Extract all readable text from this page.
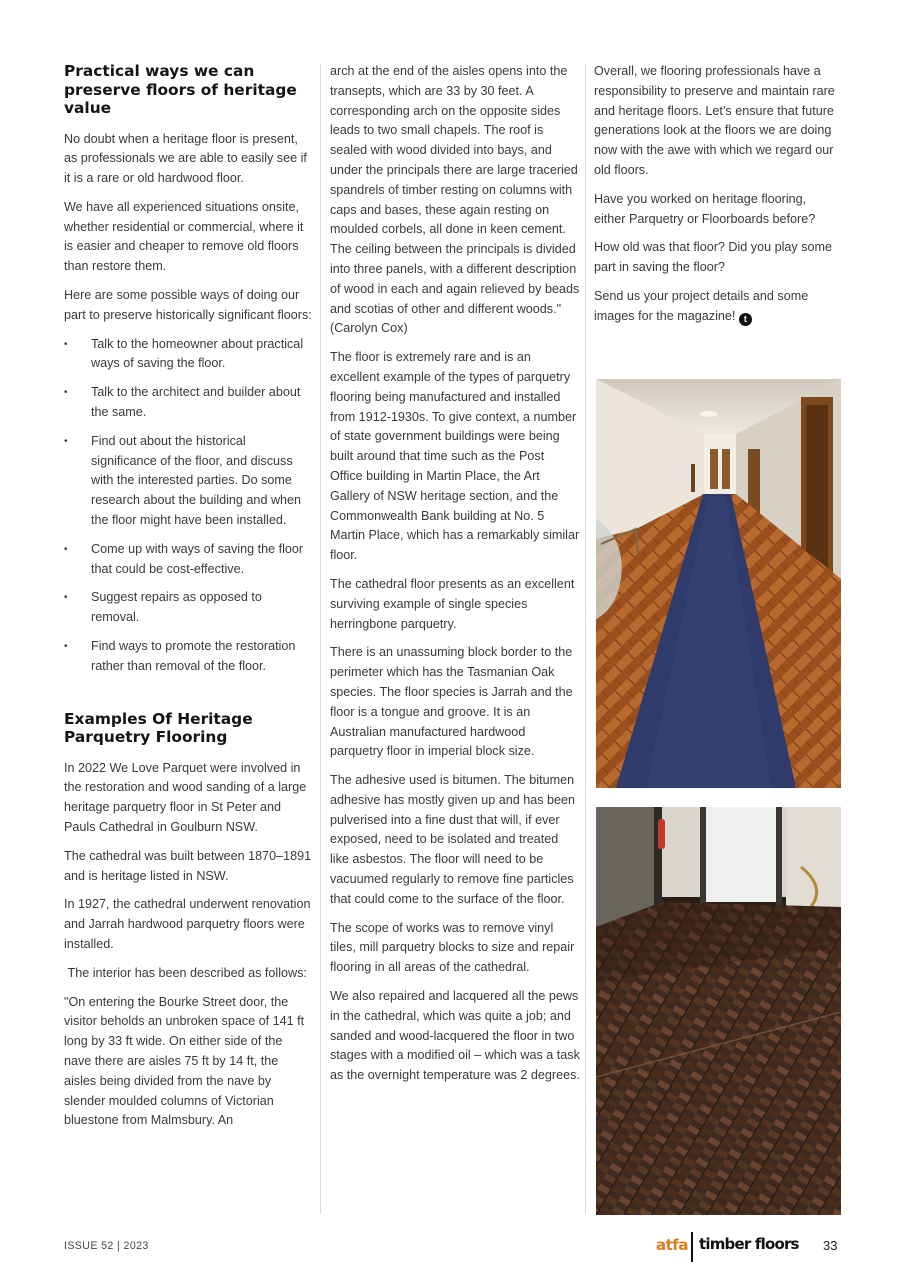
Practical ways we can preserve floors of heritage value

No doubt when a heritage floor is present, as professionals we are able to easily see if it is a rare or old hardwood floor.

We have all experienced situations onsite, whether residential or commercial, where it is easier and cheaper to remove old floors than restore them.

Here are some possible ways of doing our part to preserve historically significant floors:

• Talk to the homeowner about practical ways of saving the floor.
• Talk to the architect and builder about the same.
• Find out about the historical significance of the floor, and discuss with the interested parties. Do some research about the building and when the floor might have been installed.
• Come up with ways of saving the floor that could be cost-effective.
• Suggest repairs as opposed to removal.
• Find ways to promote the restoration rather than removal of the floor.
Examples Of Heritage Parquetry Flooring

In 2022 We Love Parquet were involved in the restoration and wood sanding of a large heritage parquetry floor in St Peter and Pauls Cathedral in Goulburn NSW.

The cathedral was built between 1870–1891 and is heritage listed in NSW.

In 1927, the cathedral underwent renovation and Jarrah hardwood parquetry floors were installed.

The interior has been described as follows:

"On entering the Bourke Street door, the visitor beholds an unbroken space of 141 ft long by 33 ft wide. On either side of the nave there are aisles 75 ft by 14 ft, the aisles being divided from the nave by slender moulded columns of Victorian bluestone from Malmsbury. An

arch at the end of the aisles opens into the transepts, which are 33 by 30 feet. A corresponding arch on the opposite sides leads to two small chapels. The roof is sealed with wood divided into bays, and under the principals there are large traceried spandrels of timber resting on columns with caps and bases, these again resting on moulded corbels, all done in keen cement. The ceiling between the principals is divided into three panels, with a different description of wood in each and again relieved by beads and scotias of other and different woods." (Carolyn Cox)

The floor is extremely rare and is an excellent example of the types of parquetry flooring being manufactured and installed from 1912-1930s. To give context, a number of state government buildings were being built around that time such as the Post Office building in Martin Place, the Art Gallery of NSW heritage section, and the Commonwealth Bank building at No. 5 Martin Place, which has a remarkably similar floor.

The cathedral floor presents as an excellent surviving example of single species herringbone parquetry.

There is an unassuming block border to the perimeter which has the Tasmanian Oak species. The floor species is Jarrah and the floor is a tongue and groove. It is an Australian manufactured hardwood parquetry floor in imperial block size.

The adhesive used is bitumen. The bitumen adhesive has mostly given up and has been pulverised into a fine dust that will, if ever exposed, need to be isolated and treated like asbestos. The floor will need to be vacuumed regularly to remove fine particles that could come to the surface of the floor.

The scope of works was to remove vinyl tiles, mill parquetry blocks to size and repair flooring in all areas of the cathedral.

We also repaired and lacquered all the pews in the cathedral, which was quite a job; and sanded and wood-lacquered the floor in two stages with a modified oil – which was a task as the overnight temperature was 2 degrees.

Overall, we flooring professionals have a responsibility to preserve and maintain rare and heritage floors. Let’s ensure that future generations look at the floors we are doing now with the awe with which we regard our old floors.

Have you worked on heritage flooring, either Parquetry or Floorboards before?

How old was that floor? Did you play some part in saving the floor?

Send us your project details and some images for the magazine! t

ISSUE 52 | 2023	atfa timber floors 33
